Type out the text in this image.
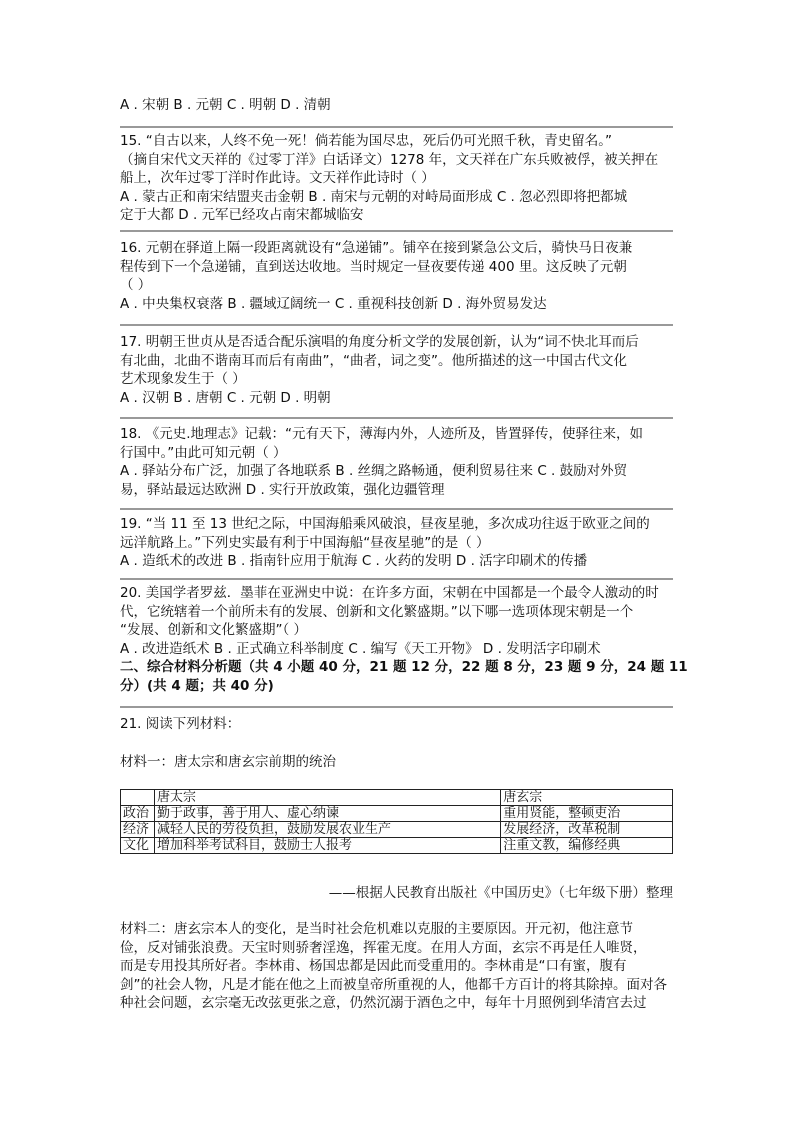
A . 宋朝 B . 元朝 C . 明朝 D . 清朝
15. “自古以来，人终不免一死！倘若能为国尽忠，死后仍可光照千秋，青史留名。”
（摘自宋代文天祥的《过零丁洋》白话译文）1278 年，文天祥在广东兵败被俘，被关押在
船上，次年过零丁洋时作此诗。文天祥作此诗时（ ）
A . 蒙古正和南宋结盟夹击金朝 B . 南宋与元朝的对峙局面形成 C . 忽必烈即将把都城
定于大都 D . 元军已经攻占南宋都城临安
16. 元朝在驿道上隔一段距离就设有“急递铺”。铺卒在接到紧急公文后，骑快马日夜兼
程传到下一个急递铺，直到送达收地。当时规定一昼夜要传递 400 里。这反映了元朝
（ ）
A . 中央集权衰落 B . 疆域辽阔统一 C . 重视科技创新 D . 海外贸易发达
17. 明朝王世贞从是否适合配乐演唱的角度分析文学的发展创新，认为“词不快北耳而后
有北曲，北曲不谐南耳而后有南曲”，“曲者，词之变”。他所描述的这一中国古代文化
艺术现象发生于（ ）
A . 汉朝 B . 唐朝 C . 元朝 D . 明朝
18. 《元史.地理志》记载：“元有天下，薄海内外，人迹所及，皆置驿传，使驿往来，如
行国中。”由此可知元朝（ ）
A . 驿站分布广泛，加强了各地联系 B . 丝绸之路畅通，便利贸易往来 C . 鼓励对外贸
易，驿站最远达欧洲 D . 实行开放政策，强化边疆管理
19. “当 11 至 13 世纪之际，中国海船乘风破浪，昼夜星驰，多次成功往返于欧亚之间的
远洋航路上。”下列史实最有利于中国海船“昼夜星驰”的是（ ）
A . 造纸术的改进 B . 指南针应用于航海 C . 火药的发明 D . 活字印刷术的传播
20. 美国学者罗兹．墨菲在亚洲史中说：在许多方面，宋朝在中国都是一个最令人激动的时
代，它统辖着一个前所未有的发展、创新和文化繁盛期。”以下哪一选项体现宋朝是一个
“发展、创新和文化繁盛期”（ ）
A . 改进造纸术 B . 正式确立科举制度 C . 编写《天工开物》 D . 发明活字印刷术
二、综合材料分析题（共 4 小题 40 分，21 题 12 分，22 题 8 分，23 题 9 分，24 题 11
分）(共 4 题；共 40 分)
21. 阅读下列材料：
材料一：唐太宗和唐玄宗前期的统治
	唐太宗	唐玄宗
政治	勤于政事，善于用人、虚心纳谏	重用贤能，整顿吏治
经济	减轻人民的劳役负担，鼓励发展农业生产	发展经济，改革税制
文化	增加科举考试科目，鼓励士人报考	注重文教，编修经典
——根据人民教育出版社《中国历史》（七年级下册）整理
材料二：唐玄宗本人的变化，是当时社会危机难以克服的主要原因。开元初，他注意节
俭，反对铺张浪费。天宝时则骄奢淫逸，挥霍无度。在用人方面，玄宗不再是任人唯贤，
而是专用投其所好者。李林甫、杨国忠都是因此而受重用的。李林甫是“口有蜜，腹有
剑”的社会人物，凡是才能在他之上而被皇帝所重视的人，他都千方百计的将其除掉。面对各
种社会问题，玄宗毫无改弦更张之意，仍然沉溺于酒色之中，每年十月照例到华清宫去过
